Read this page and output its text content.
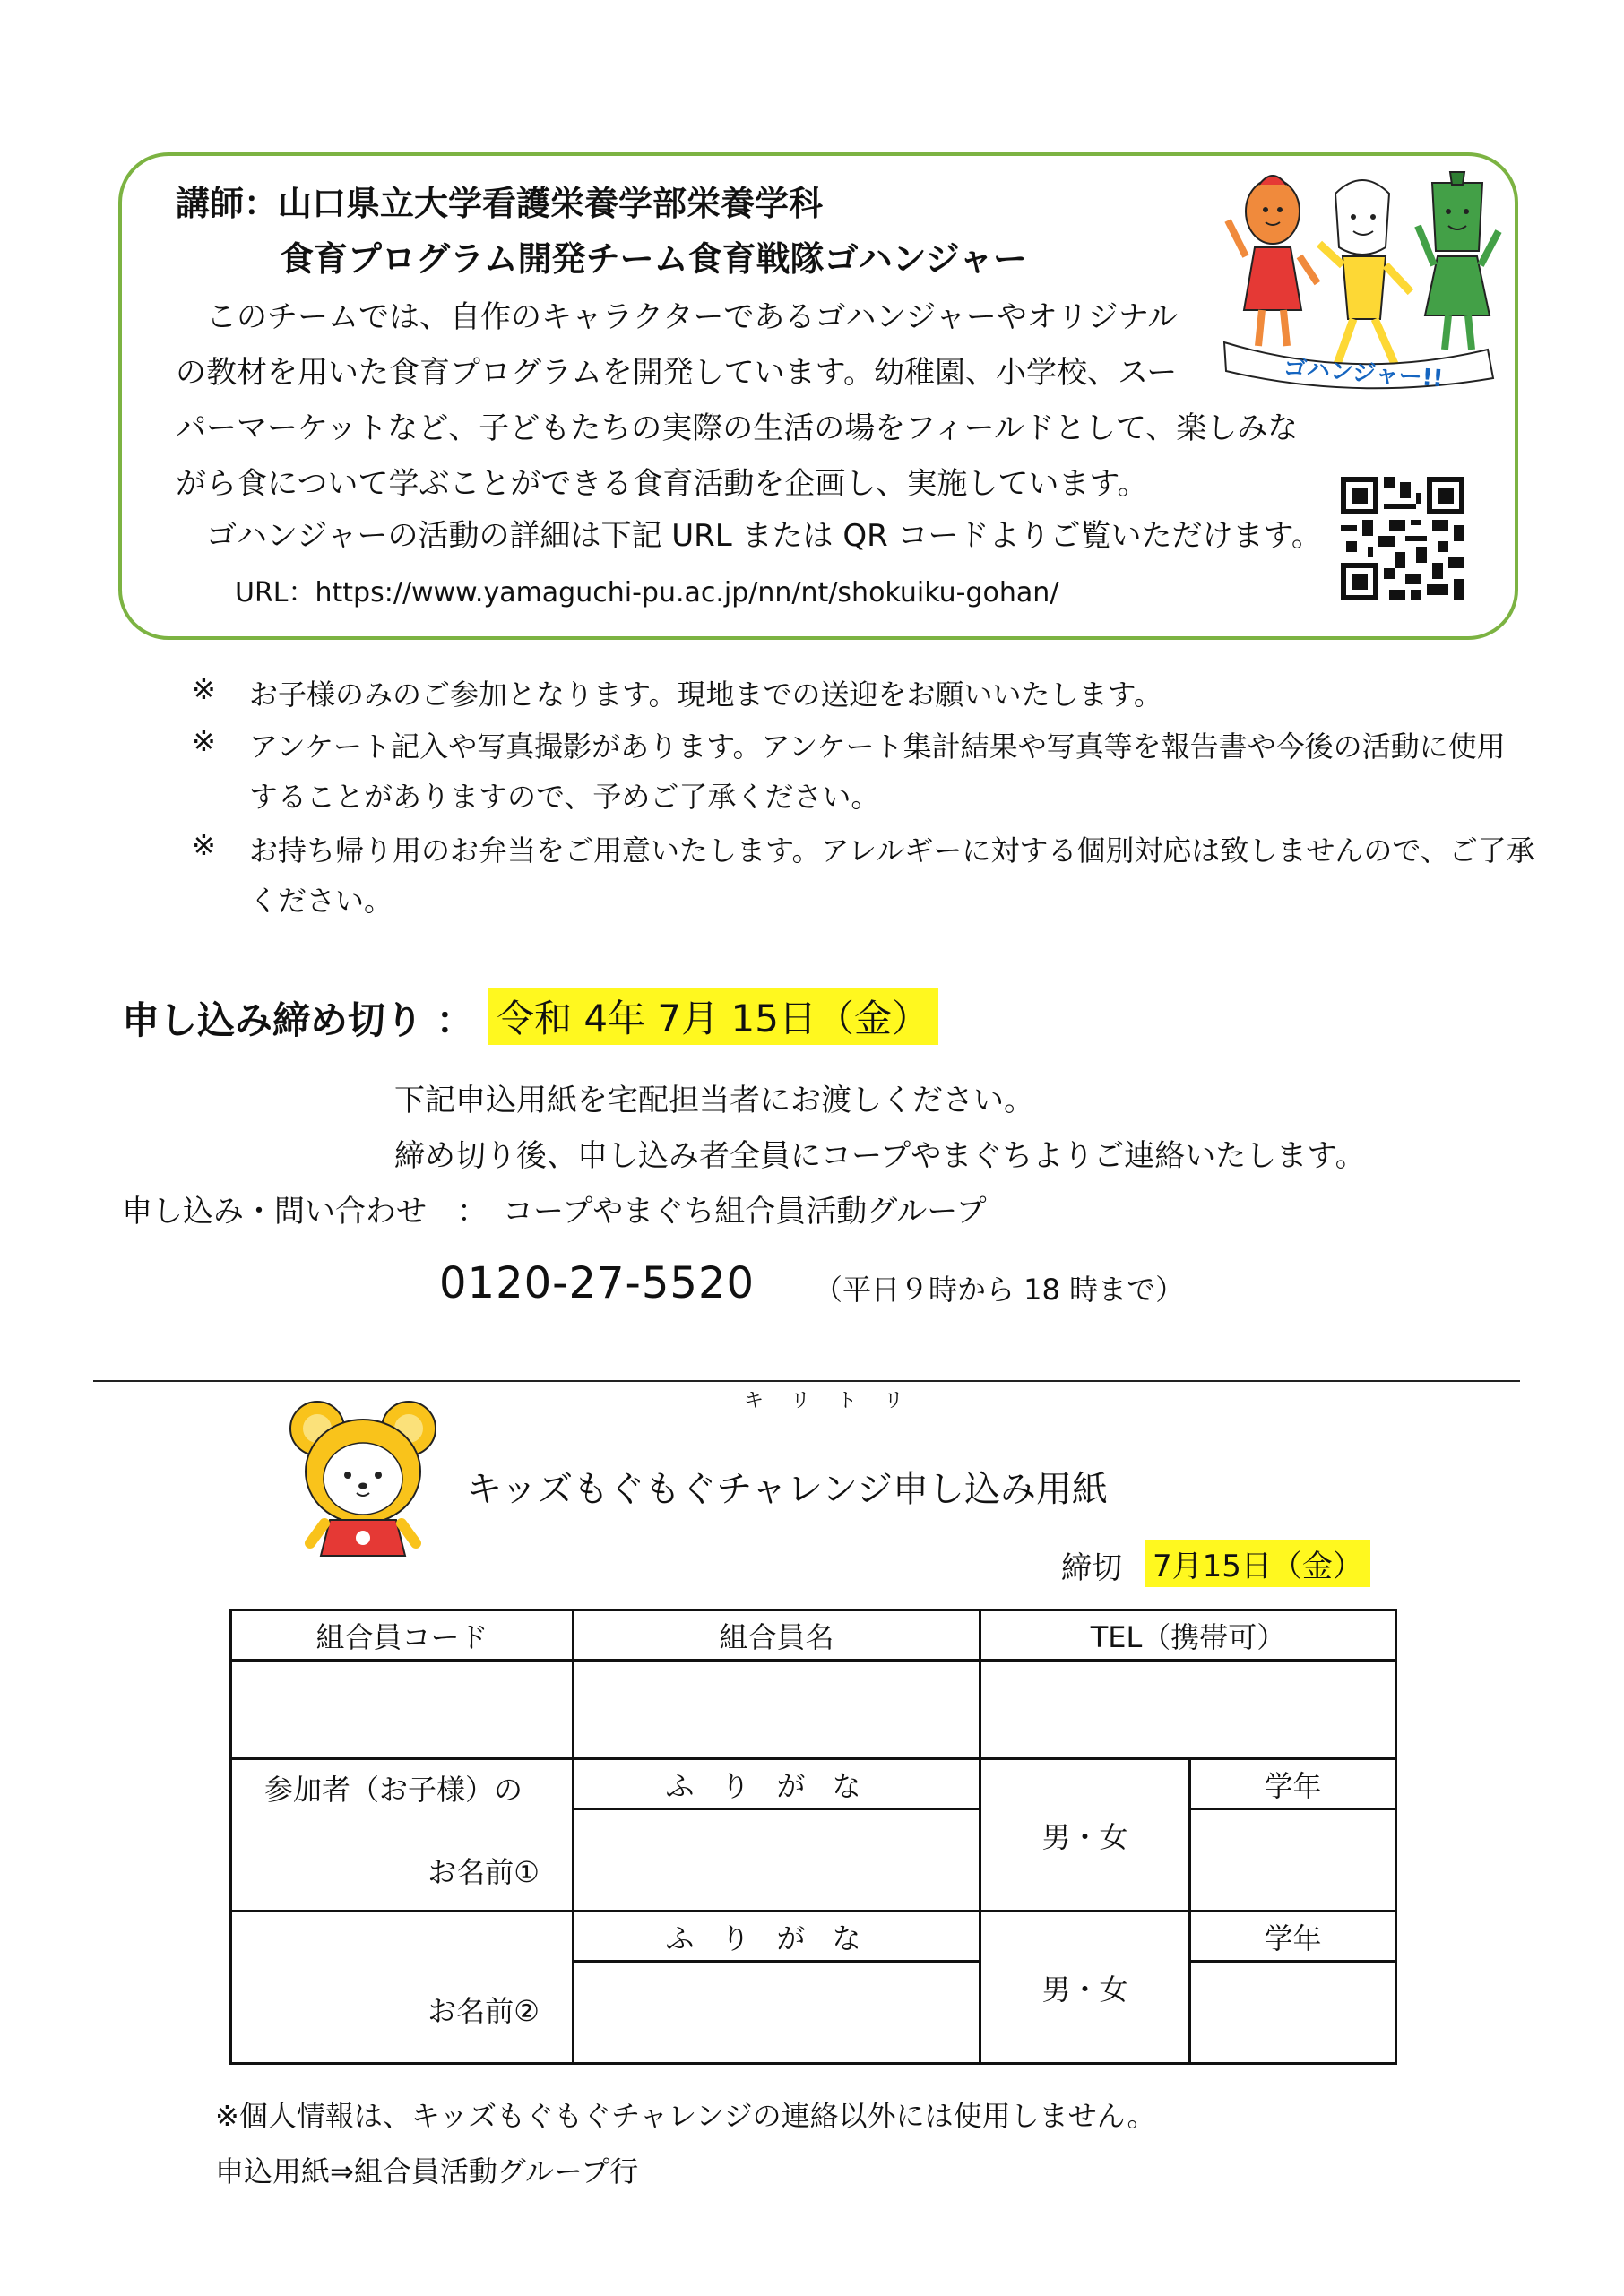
講師：山口県立大学看護栄養学部栄養学科
食育プログラム開発チーム食育戦隊ゴハンジャー
このチームでは、自作のキャラクターであるゴハンジャーやオリジナル
の教材を用いた食育プログラムを開発しています。幼稚園、小学校、スー
パーマーケットなど、子どもたちの実際の生活の場をフィールドとして、楽しみな
がら食について学ぶことができる食育活動を企画し、実施しています。
ゴハンジャーの活動の詳細は下記 URL または QR コードよりご覧いただけます。
URL：https://www.yamaguchi-pu.ac.jp/nn/nt/shokuiku-gohan/
ゴハンジャー!!
※ お子様のみのご参加となります。現地までの送迎をお願いいたします。
※ アンケート記入や写真撮影があります。アンケート集計結果や写真等を報告書や今後の活動に使用
することがありますので、予めご了承ください。
※ お持ち帰り用のお弁当をご用意いたします。アレルギーに対する個別対応は致しませんので、ご了承
ください。
申し込み締め切り ： 令和 4年 7月 15日（金）
下記申込用紙を宅配担当者にお渡しください。
締め切り後、申し込み者全員にコープやまぐちよりご連絡いたします。
申し込み・問い合わせ　：　コープやまぐち組合員活動グループ
0120-27-5520 （平日９時から 18 時まで）
キリトリ
キッズもぐもぐチャレンジ申し込み用紙
締切 7月15日（金）
組合員コード	組合員名	TEL（携帯可）	

参加者（お子様）の
お名前①	ふりがな	男・女	学年

お名前②	ふりがな	男・女	学年

※個人情報は、キッズもぐもぐチャレンジの連絡以外には使用しません。
申込用紙⇒組合員活動グループ行
